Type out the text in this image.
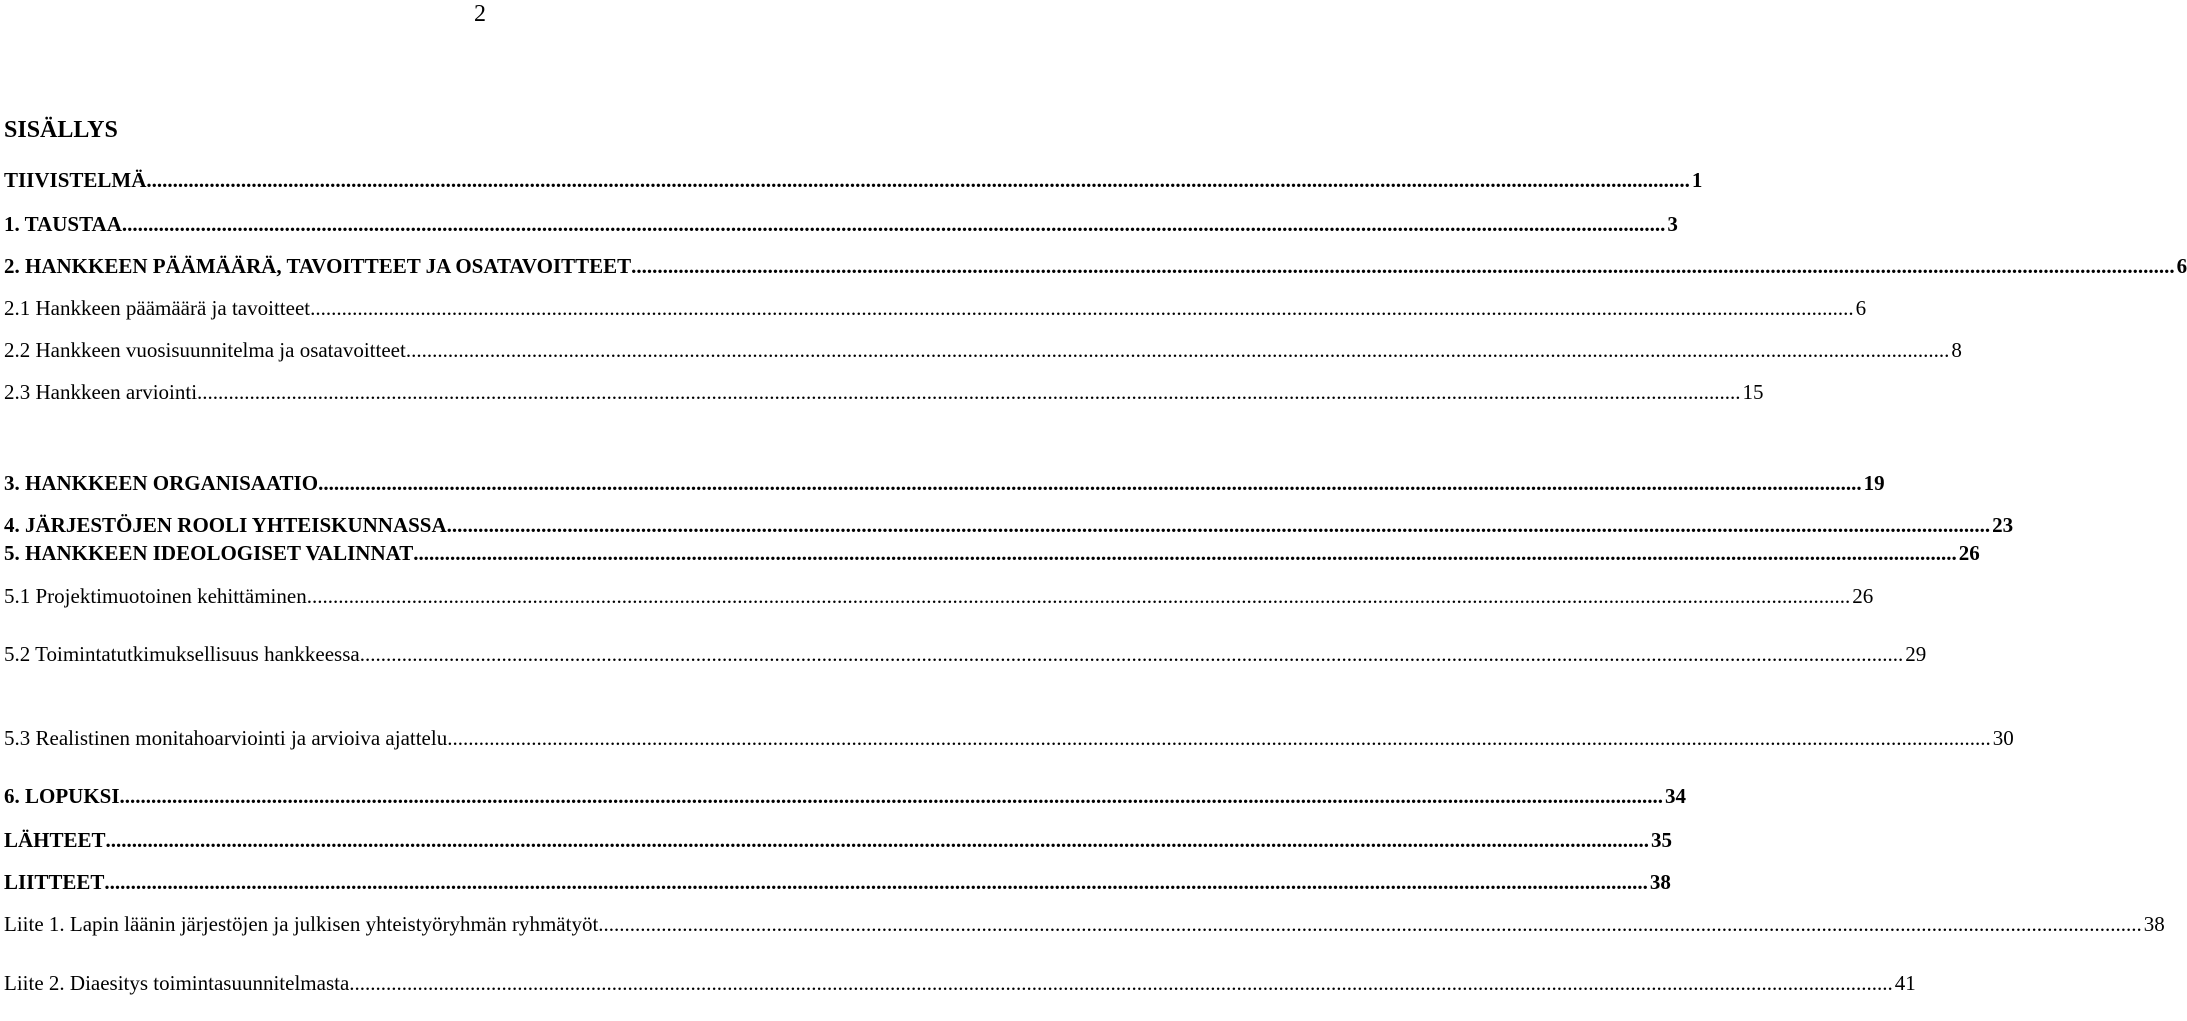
2
SISÄLLYS
TIIVISTELMÄ .....	1
1. TAUSTAA .....	3
2. HANKKEEN PÄÄMÄÄRÄ, TAVOITTEET JA OSATAVOITTEET .....	6
2.1 Hankkeen päämäärä ja tavoitteet .....	6
2.2 Hankkeen vuosisuunnitelma ja osatavoitteet .....	8
2.3 Hankkeen arviointi .....	15
3. HANKKEEN ORGANISAATIO .....	19
4. JÄRJESTÖJEN ROOLI YHTEISKUNNASSA .....	23
5. HANKKEEN IDEOLOGISET VALINNAT .....	26
5.1 Projektimuotoinen kehittäminen .....	26
5.2 Toimintatutkimuksellisuus hankkeessa .....	29
5.3 Realistinen monitahoarviointi ja arvioiva ajattelu .....	30
6. LOPUKSI .....	34
LÄHTEET .....	35
LIITTEET .....	38
Liite 1. Lapin läänin järjestöjen ja julkisen yhteistyöryhmän ryhmätyöt .....	38
Liite 2. Diaesitys toimintasuunnitelmasta .....	41
